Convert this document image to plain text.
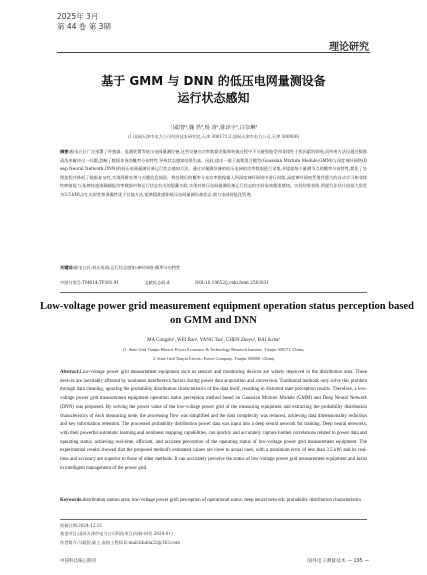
2025年 3月
第 44 卷 第 3期
理论研究
基于 GMM 与 DNN 的低压电网量测设备
运行状态感知
马聪智¹,魏 然²,杨 涛¹,陈泽宇¹,白奈琳²
(1.国网天津市电力公司经济技术研究院,天津 300171;2.国网天津市电力公司,天津 300000)
摘要:配电台区广泛部署了传感器、监测装置等低压电网量测设备,这些设备在功率数据采集和转换过程中不可避免地受到非线性干扰因素的影响,而传统方法仅通过数据清洗来解决这一问题,忽略了数据本身的概率分布特性,导致状态感知结果失真。因此,提出一基于高斯混合模型(Gaussian Mixture Module,GMM)与深度神经网络(Deep Neural Network,DNN)的低压电网量测设备运行状态感知方法。通过对量测设备的低压电网的功率数据进行采集,并提取每个量测节点的概率分布特性,简化了处理流程并降低了数据复杂性,实现降维处理与关键信息保留。将处理后的概率分布功率数据输入到深度神经网络中进行训练,深度神经网络凭借其强大的自动学习和非线性映射能力,能够快速准确捕捉功率数据中和运行状态有关的隐藏关联,实现对低压电网量测设备运行状态的实时高效精准感知。实验结果表明,所提方法估计值最大误差为3.5 kW以内,实时性和准确性优于其他方法,能够精准感知低压电网量测设备状态,助力电网智能化管理。
关键词:配电台区;低压电网;运行状态感知;神经网络;概率分布特性
中图分类号:TM614;TP391.41	文献标志码:A	DOI:10.19652/j.cnki.femt.2503031
Low-voltage power grid measurement equipment operation status perception based
on GMM and DNN
MA Congzhi¹, WEI Ran², YANG Tao¹, CHEN Zheyu¹, BAI Su'na²
(1. State Grid Tianjin Electric Power Economic & Technology Research Institute, Tianjin 300171, China;
2. State Grid Tianjin Electric Power Company, Tianjin 300000, China)
Abstract:Low-voltage power grid measurement equipment such as sensors and monitoring devices are widely deployed in the distribution area. These devices are inevitably affected by nonlinear interference factors during power data acquisition and conversion. Traditional methods only solve this problem through data cleaning, ignoring the probability distribution characteristics of the data itself, resulting in distorted state perception results. Therefore, a low-voltage power grid measurement equipment operation status perception method based on Gaussian Mixture Module (GMM) and Deep Neural Network (DNN) was proposed. By solving the power value of the low-voltage power grid of the measuring equipment and extracting the probability distribution characteristics of each measuring node, the processing flow was simplified and the data complexity was reduced, achieving data dimensionality reduction and key information retention. The processed probability distribution power data was input into a deep neural network for training. Deep neural networks, with their powerful automatic learning and nonlinear mapping capabilities, can quickly and accurately capture hidden correlations related to power data and operating status, achieving real-time, efficient, and accurate perception of the operating status of low-voltage power grid measurement equipment. The experimental results showed that the proposed method's estimated values are close to actual ones, with a maximum error of less than 3.5 kW, and its real-time and accuracy are superior to those of other methods. It can accurately perceive the status of low-voltage power grid measurement equipment and assist in intelligent management of the power grid.
Keywords:distribution station area; low-voltage power grid; perception of operational status; deep neural network; probability distribution characteristics
收稿日期:2024-12-21
基金项目:国网天津市电力公司科技项目(经研-研发 2024-01)
作者简介:马聪智,硕士,高级工程师,E-mail:bbdda22@163.com
中国科技核心期刊	国外电子测量技术 — 195 —
